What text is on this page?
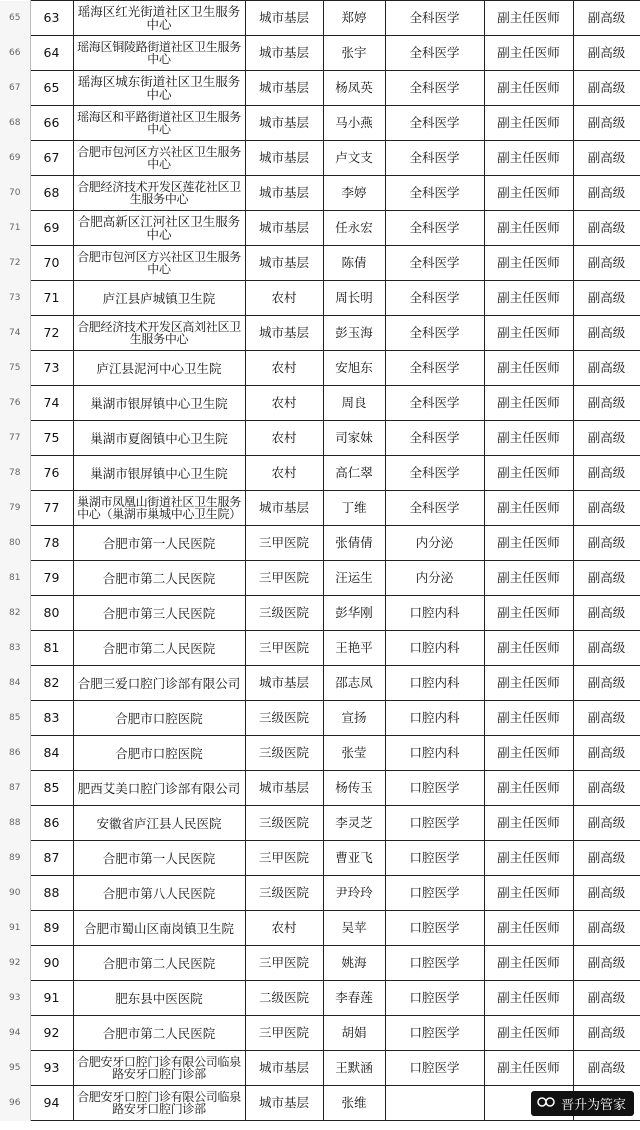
65	63	瑶海区红光街道社区卫生服务中心	城市基层	郑婷	全科医学	副主任医师	副高级
66	64	瑶海区铜陵路街道社区卫生服务中心	城市基层	张宇	全科医学	副主任医师	副高级
67	65	瑶海区城东街道社区卫生服务中心	城市基层	杨凤英	全科医学	副主任医师	副高级
68	66	瑶海区和平路街道社区卫生服务中心	城市基层	马小燕	全科医学	副主任医师	副高级
69	67	合肥市包河区方兴社区卫生服务中心	城市基层	卢文支	全科医学	副主任医师	副高级
70	68	合肥经济技术开发区莲花社区卫生服务中心	城市基层	李婷	全科医学	副主任医师	副高级
71	69	合肥高新区江河社区卫生服务中心	城市基层	任永宏	全科医学	副主任医师	副高级
72	70	合肥市包河区方兴社区卫生服务中心	城市基层	陈倩	全科医学	副主任医师	副高级
73	71	庐江县庐城镇卫生院	农村	周长明	全科医学	副主任医师	副高级
74	72	合肥经济技术开发区高刘社区卫生服务中心	城市基层	彭玉海	全科医学	副主任医师	副高级
75	73	庐江县泥河中心卫生院	农村	安旭东	全科医学	副主任医师	副高级
76	74	巢湖市银屏镇中心卫生院	农村	周良	全科医学	副主任医师	副高级
77	75	巢湖市夏阁镇中心卫生院	农村	司家妹	全科医学	副主任医师	副高级
78	76	巢湖市银屏镇中心卫生院	农村	高仁翠	全科医学	副主任医师	副高级
79	77	巢湖市凤凰山街道社区卫生服务中心（巢湖市巢城中心卫生院）	城市基层	丁维	全科医学	副主任医师	副高级
80	78	合肥市第一人民医院	三甲医院	张倩倩	内分泌	副主任医师	副高级
81	79	合肥市第二人民医院	三甲医院	汪运生	内分泌	副主任医师	副高级
82	80	合肥市第三人民医院	三级医院	彭华刚	口腔内科	副主任医师	副高级
83	81	合肥市第二人民医院	三甲医院	王艳平	口腔内科	副主任医师	副高级
84	82	合肥三爱口腔门诊部有限公司	城市基层	邵志凤	口腔内科	副主任医师	副高级
85	83	合肥市口腔医院	三级医院	宣扬	口腔内科	副主任医师	副高级
86	84	合肥市口腔医院	三级医院	张莹	口腔内科	副主任医师	副高级
87	85	肥西艾美口腔门诊部有限公司	城市基层	杨传玉	口腔医学	副主任医师	副高级
88	86	安徽省庐江县人民医院	三级医院	李灵芝	口腔医学	副主任医师	副高级
89	87	合肥市第一人民医院	三甲医院	曹亚飞	口腔医学	副主任医师	副高级
90	88	合肥市第八人民医院	三级医院	尹玲玲	口腔医学	副主任医师	副高级
91	89	合肥市蜀山区南岗镇卫生院	农村	吴苹	口腔医学	副主任医师	副高级
92	90	合肥市第二人民医院	三甲医院	姚海	口腔医学	副主任医师	副高级
93	91	肥东县中医医院	二级医院	李春莲	口腔医学	副主任医师	副高级
94	92	合肥市第二人民医院	三甲医院	胡娟	口腔医学	副主任医师	副高级
95	93	合肥安牙口腔门诊有限公司临泉路安牙口腔门诊部	城市基层	王默涵	口腔医学	副主任医师	副高级
96	94	合肥安牙口腔门诊有限公司临泉路安牙口腔门诊部	城市基层	张维				晋升为管家
